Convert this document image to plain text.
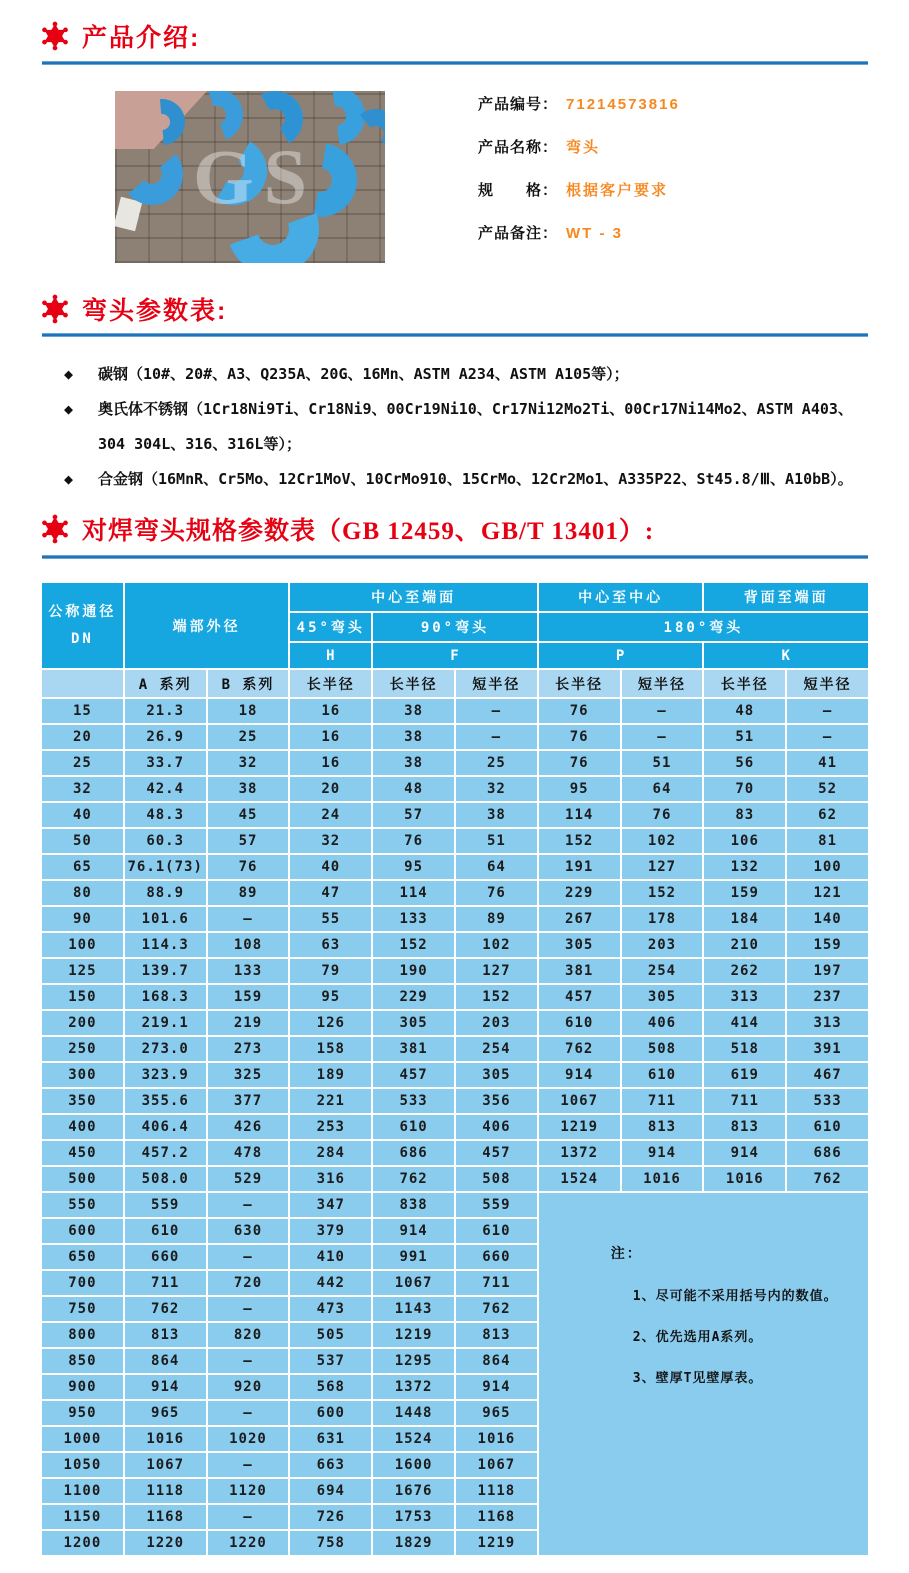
产品介绍:
GS
产品编号： 71214573816
产品名称： 弯头
规　　格： 根据客户要求
产品备注： WT - 3
弯头参数表:
◆ 碳钢（10#、20#、A3、Q235A、20G、16Mn、ASTM A234、ASTM A105等）；
◆ 奥氏体不锈钢（1Cr18Ni9Ti、Cr18Ni9、00Cr19Ni10、Cr17Ni12Mo2Ti、00Cr17Ni14Mo2、ASTM A403、304 304L、316、316L等）；
◆ 合金钢（16MnR、Cr5Mo、12Cr1MoV、10CrMo910、15CrMo、12Cr2Mo1、A335P22、St45.8/Ⅲ、A10bB）。
对焊弯头规格参数表（GB 12459、GB/T 13401）:
公称通径
DN	端部外径		中心至端面			中心至中心		背面至端面	
			45°弯头	90°弯头		180°弯头			
			H	F		P		K	
	A 系列	B 系列	长半径	长半径	短半径	长半径	短半径	长半径	短半径
15	21.3	18	16	38	—	76	—	48	—
20	26.9	25	16	38	—	76	—	51	—
25	33.7	32	16	38	25	76	51	56	41
32	42.4	38	20	48	32	95	64	70	52
40	48.3	45	24	57	38	114	76	83	62
50	60.3	57	32	76	51	152	102	106	81
65	76.1(73)	76	40	95	64	191	127	132	100
80	88.9	89	47	114	76	229	152	159	121
90	101.6	—	55	133	89	267	178	184	140
100	114.3	108	63	152	102	305	203	210	159
125	139.7	133	79	190	127	381	254	262	197
150	168.3	159	95	229	152	457	305	313	237
200	219.1	219	126	305	203	610	406	414	313
250	273.0	273	158	381	254	762	508	518	391
300	323.9	325	189	457	305	914	610	619	467
350	355.6	377	221	533	356	1067	711	711	533
400	406.4	426	253	610	406	1219	813	813	610
450	457.2	478	284	686	457	1372	914	914	686
500	508.0	529	316	762	508	1524	1016	1016	762
550	559	—	347	838	559	注：
1、尽可能不采用括号内的数值。
2、优先选用A系列。
3、壁厚T见壁厚表。			

600	610	630	379	914	610				
650	660	—	410	991	660				
700	711	720	442	1067	711				
750	762	—	473	1143	762				
800	813	820	505	1219	813				
850	864	—	537	1295	864				
900	914	920	568	1372	914				
950	965	—	600	1448	965				
1000	1016	1020	631	1524	1016				
1050	1067	—	663	1600	1067				
1100	1118	1120	694	1676	1118				
1150	1168	—	726	1753	1168				
1200	1220	1220	758	1829	1219				
